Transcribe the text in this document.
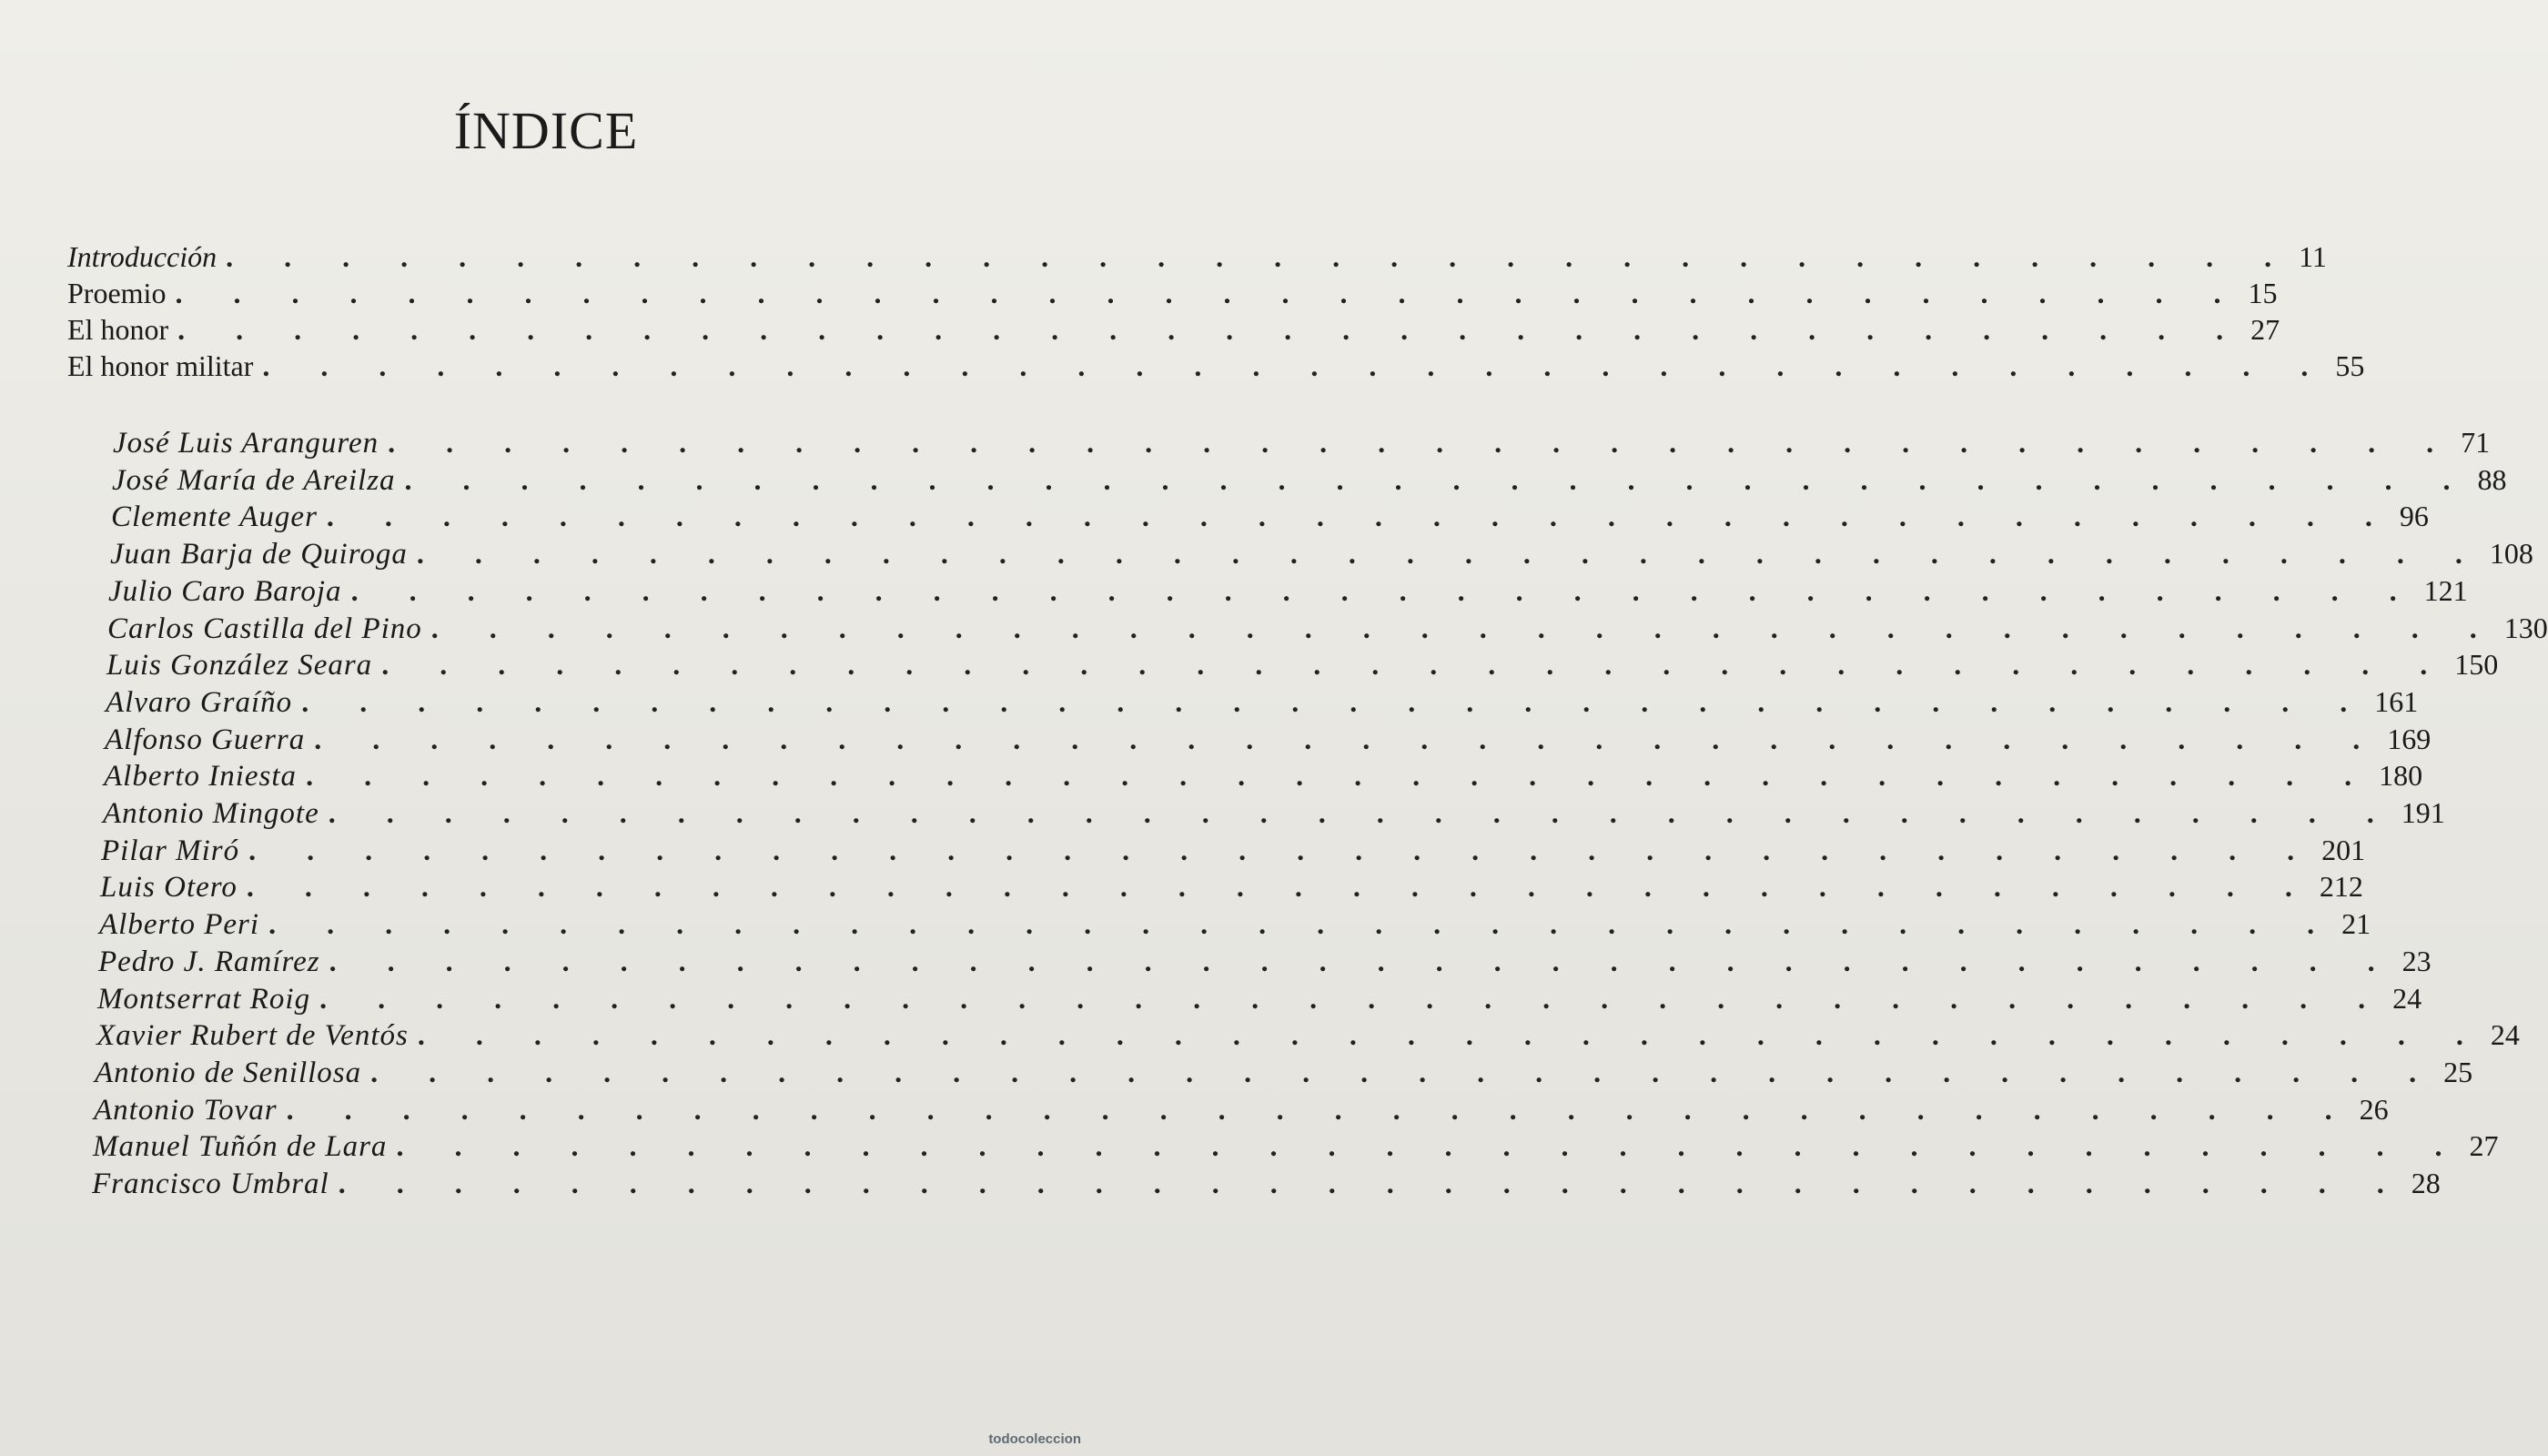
ÍNDICE
Introducción . . . . . . . . . . . . . . . . . . . . . . . . . . . . . . . . . . . . 11
Proemio . . . . . . . . . . . . . . . . . . . . . . . . . . . . . . . . . . . . 15
El honor . . . . . . . . . . . . . . . . . . . . . . . . . . . . . . . . . . . . 27
El honor militar . . . . . . . . . . . . . . . . . . . . . . . . . . . . . . . . . . . . 55
José Luis Aranguren . . . . . . . . . . . . . . . . . . . . . . . . . . . . . . . . . . . . 71
José María de Areilza . . . . . . . . . . . . . . . . . . . . . . . . . . . . . . . . . . . . 88
Clemente Auger . . . . . . . . . . . . . . . . . . . . . . . . . . . . . . . . . . . . 96
Juan Barja de Quiroga . . . . . . . . . . . . . . . . . . . . . . . . . . . . . . . . . . . . 108
Julio Caro Baroja . . . . . . . . . . . . . . . . . . . . . . . . . . . . . . . . . . . . 121
Carlos Castilla del Pino . . . . . . . . . . . . . . . . . . . . . . . . . . . . . . . . . . . . 130
Luis González Seara . . . . . . . . . . . . . . . . . . . . . . . . . . . . . . . . . . . . 150
Alvaro Graíño . . . . . . . . . . . . . . . . . . . . . . . . . . . . . . . . . . . . 161
Alfonso Guerra . . . . . . . . . . . . . . . . . . . . . . . . . . . . . . . . . . . . 169
Alberto Iniesta . . . . . . . . . . . . . . . . . . . . . . . . . . . . . . . . . . . . 180
Antonio Mingote . . . . . . . . . . . . . . . . . . . . . . . . . . . . . . . . . . . . 191
Pilar Miró . . . . . . . . . . . . . . . . . . . . . . . . . . . . . . . . . . . . 201
Luis Otero . . . . . . . . . . . . . . . . . . . . . . . . . . . . . . . . . . . . 212
Alberto Peri . . . . . . . . . . . . . . . . . . . . . . . . . . . . . . . . . . . . 21
Pedro J. Ramírez . . . . . . . . . . . . . . . . . . . . . . . . . . . . . . . . . . . . 23
Montserrat Roig . . . . . . . . . . . . . . . . . . . . . . . . . . . . . . . . . . . . 24
Xavier Rubert de Ventós . . . . . . . . . . . . . . . . . . . . . . . . . . . . . . . . . . . . 24
Antonio de Senillosa . . . . . . . . . . . . . . . . . . . . . . . . . . . . . . . . . . . . 25
Antonio Tovar . . . . . . . . . . . . . . . . . . . . . . . . . . . . . . . . . . . . 26
Manuel Tuñón de Lara . . . . . . . . . . . . . . . . . . . . . . . . . . . . . . . . . . . . 27
Francisco Umbral . . . . . . . . . . . . . . . . . . . . . . . . . . . . . . . . . . . . 28
todocoleccion
